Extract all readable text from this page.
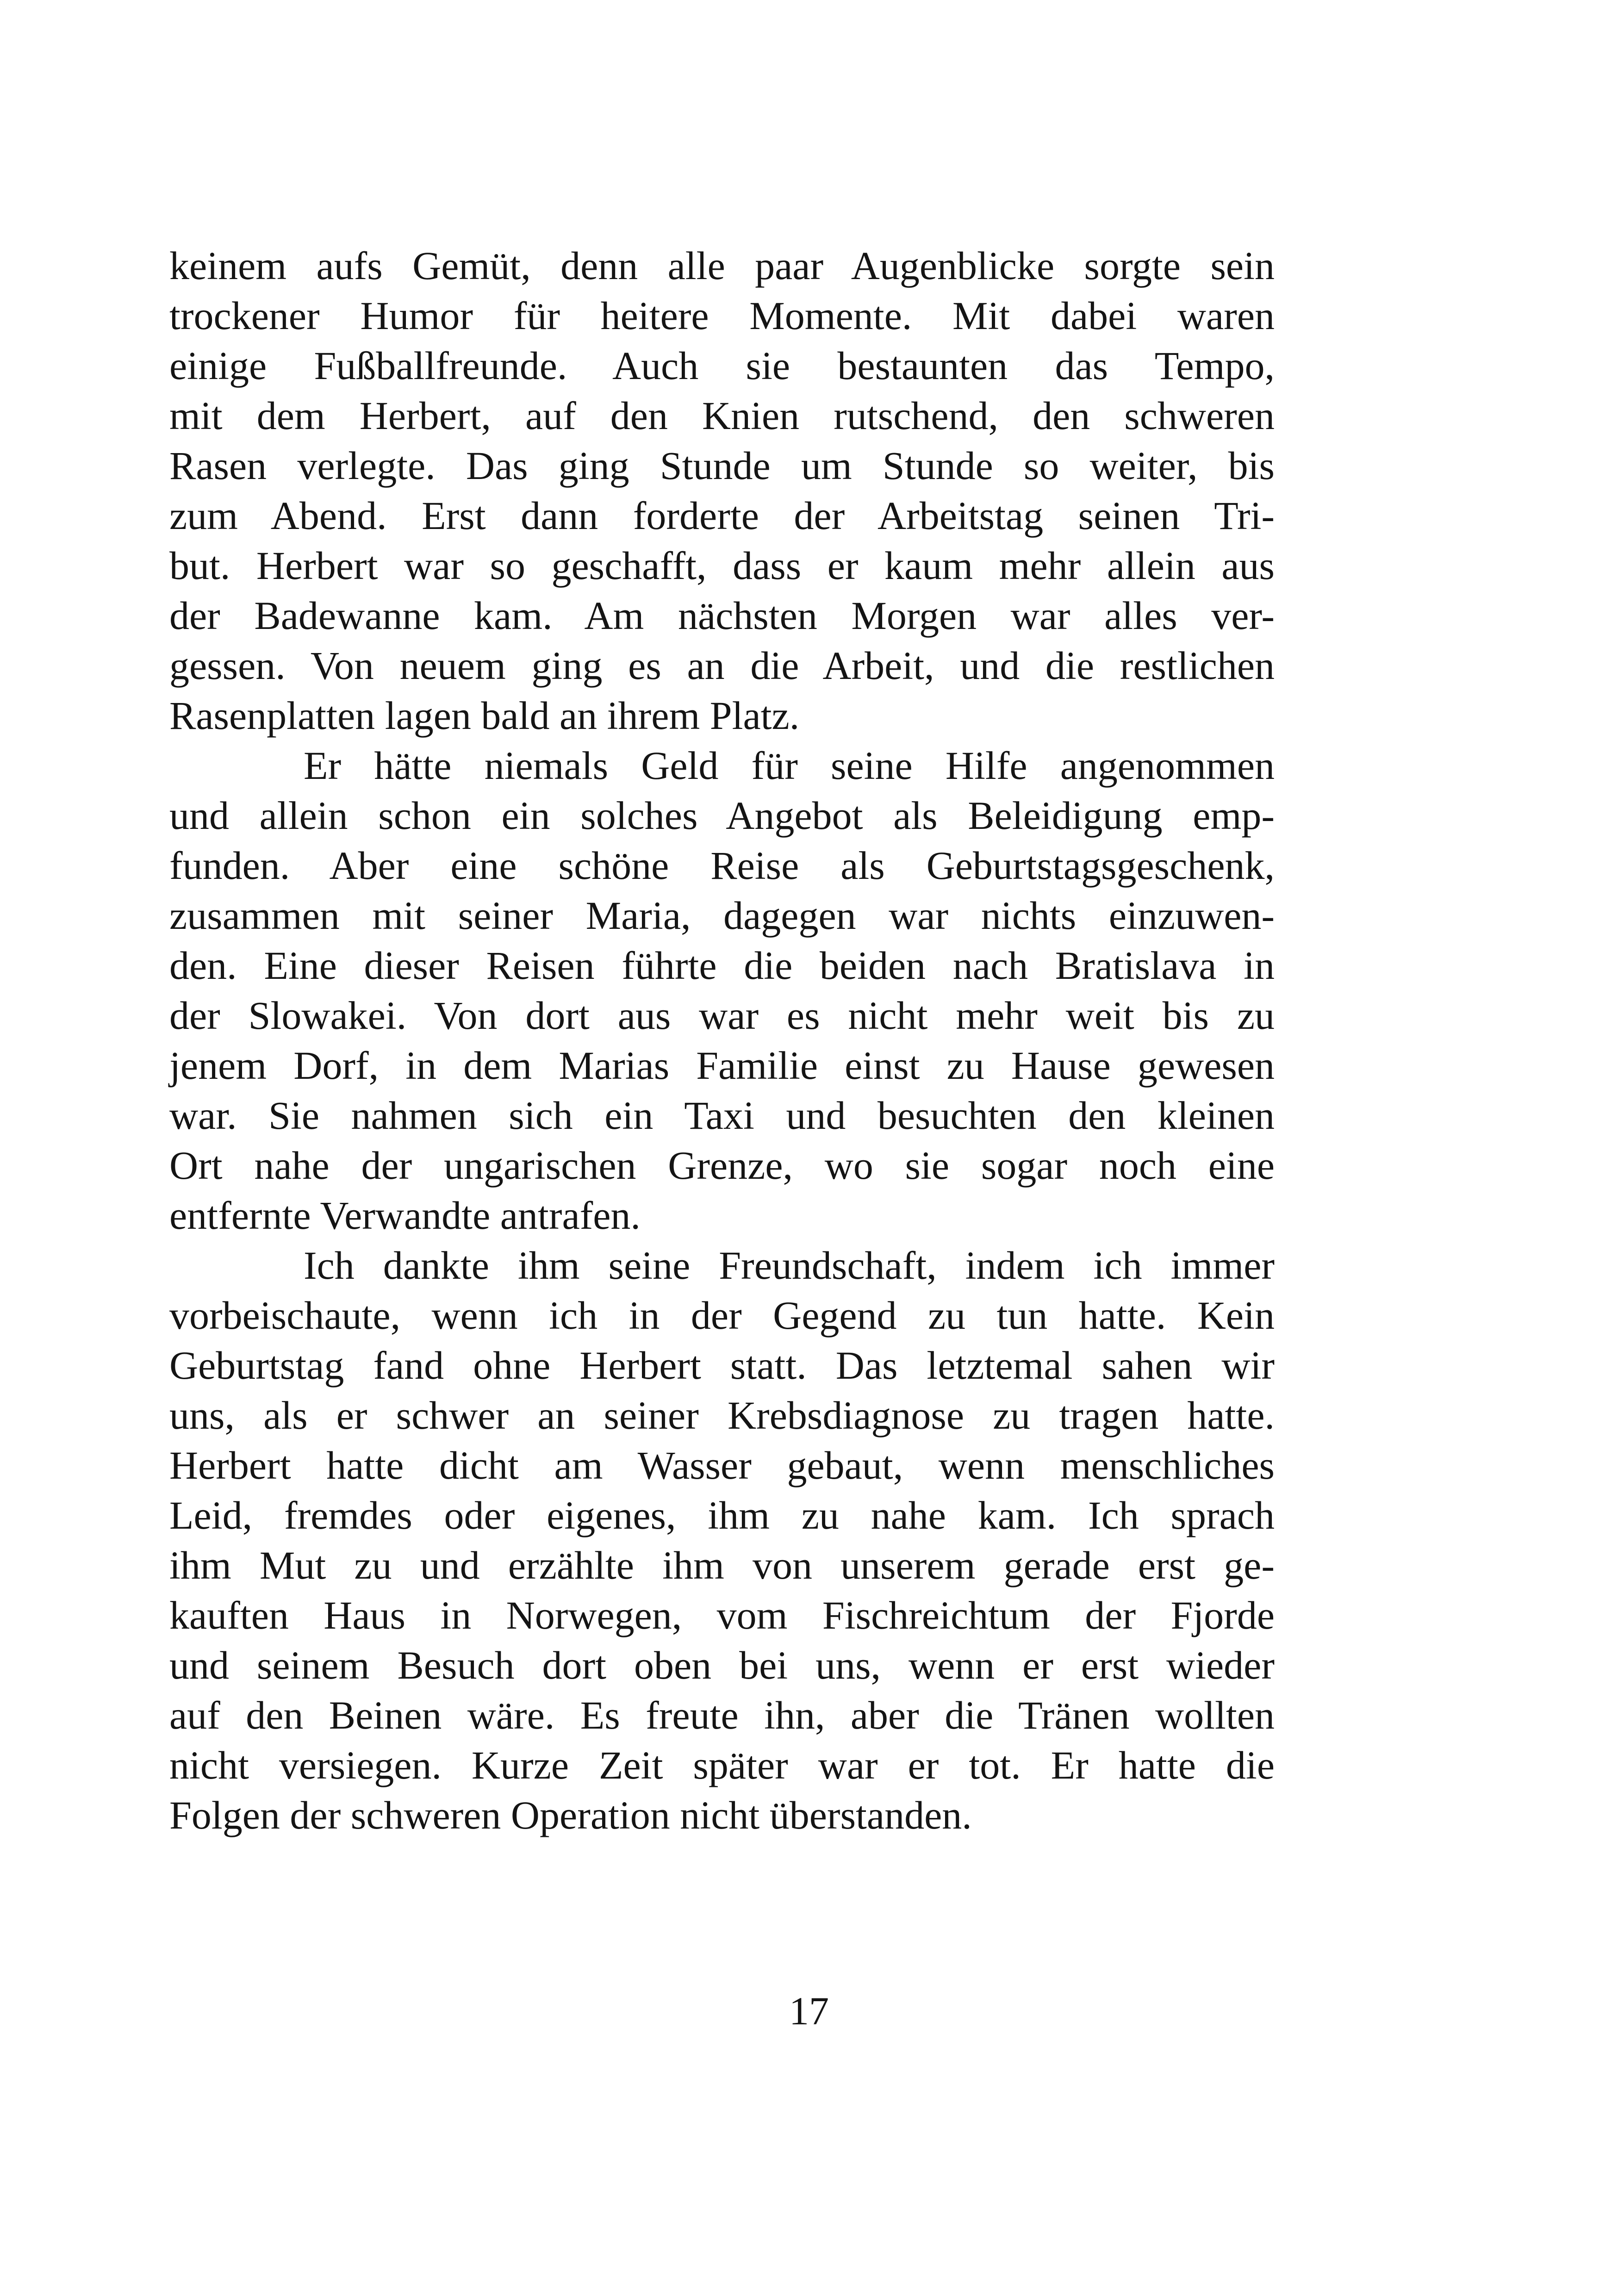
keinem aufs Gemüt, denn alle paar Augenblicke sorgte sein
trockener Humor für heitere Momente. Mit dabei waren
einige Fußballfreunde. Auch sie bestaunten das Tempo,
mit dem Herbert, auf den Knien rutschend, den schweren
Rasen verlegte. Das ging Stunde um Stunde so weiter, bis
zum Abend. Erst dann forderte der Arbeitstag seinen Tri-
but. Herbert war so geschafft, dass er kaum mehr allein aus
der Badewanne kam. Am nächsten Morgen war alles ver-
gessen. Von neuem ging es an die Arbeit, und die restlichen
Rasenplatten lagen bald an ihrem Platz.
Er hätte niemals Geld für seine Hilfe angenommen
und allein schon ein solches Angebot als Beleidigung emp-
funden. Aber eine schöne Reise als Geburtstagsgeschenk,
zusammen mit seiner Maria, dagegen war nichts einzuwen-
den. Eine dieser Reisen führte die beiden nach Bratislava in
der Slowakei. Von dort aus war es nicht mehr weit bis zu
jenem Dorf, in dem Marias Familie einst zu Hause gewesen
war. Sie nahmen sich ein Taxi und besuchten den kleinen
Ort nahe der ungarischen Grenze, wo sie sogar noch eine
entfernte Verwandte antrafen.
Ich dankte ihm seine Freundschaft, indem ich immer
vorbeischaute, wenn ich in der Gegend zu tun hatte. Kein
Geburtstag fand ohne Herbert statt. Das letztemal sahen wir
uns, als er schwer an seiner Krebsdiagnose zu tragen hatte.
Herbert hatte dicht am Wasser gebaut, wenn menschliches
Leid, fremdes oder eigenes, ihm zu nahe kam. Ich sprach
ihm Mut zu und erzählte ihm von unserem gerade erst ge-
kauften Haus in Norwegen, vom Fischreichtum der Fjorde
und seinem Besuch dort oben bei uns, wenn er erst wieder
auf den Beinen wäre. Es freute ihn, aber die Tränen wollten
nicht versiegen. Kurze Zeit später war er tot. Er hatte die
Folgen der schweren Operation nicht überstanden.
17
